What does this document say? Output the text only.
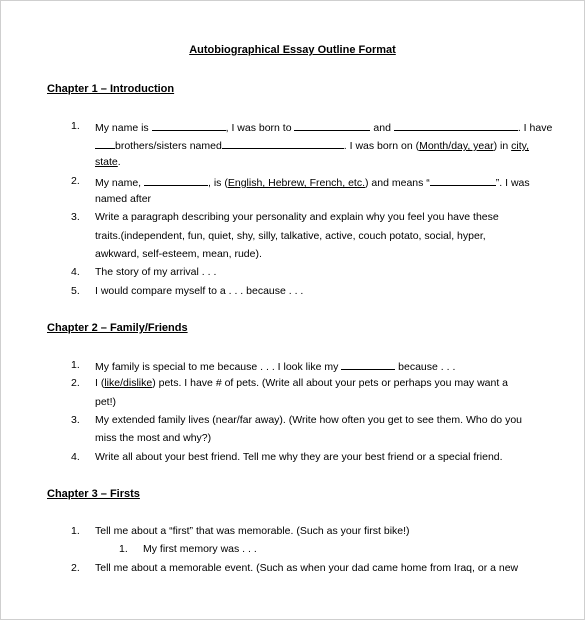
Autobiographical Essay Outline Format
Chapter 1 – Introduction
1. My name is	, I was born to	and	. I have
brothers/sisters named	. I was born on (Month/day, year) in city,
state.
2. My name,	, is (English, Hebrew, French, etc.) and means “	”. I was
named after
3. Write a paragraph describing your personality and explain why you feel you have these
traits.(independent, fun, quiet, shy, silly, talkative, active, couch potato, social, hyper,
awkward, self-esteem, mean, rude).
4. The story of my arrival . . .
5. I would compare myself to a . . . because . . .
Chapter 2 – Family/Friends
1. My family is special to me because . . . I look like my	because . . .
2. I (like/dislike) pets. I have # of pets. (Write all about your pets or perhaps you may want a
pet!)
3. My extended family lives (near/far away). (Write how often you get to see them. Who do you
miss the most and why?)
4. Write all about your best friend. Tell me why they are your best friend or a special friend.
Chapter 3 – Firsts
1. Tell me about a “first” that was memorable. (Such as your first bike!)
1. My first memory was . . .
2. Tell me about a memorable event. (Such as when your dad came home from Iraq, or a new
